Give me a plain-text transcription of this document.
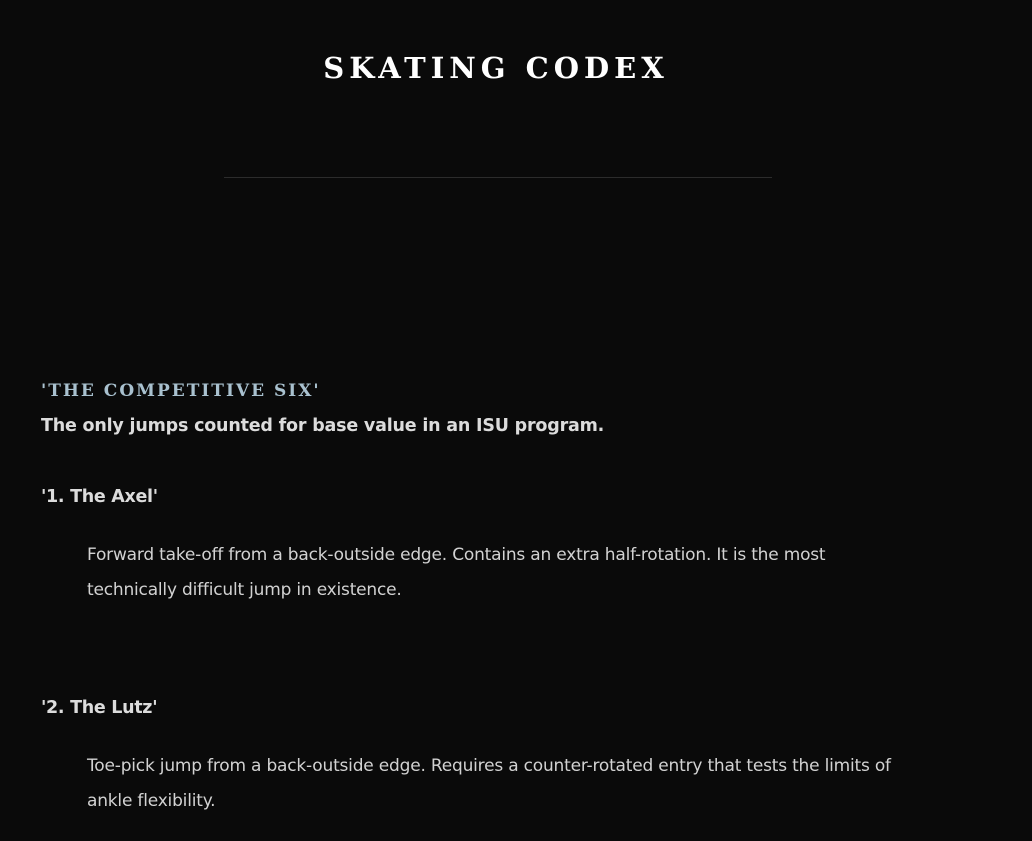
SKATING CODEX
'THE COMPETITIVE SIX'

The only jumps counted for base value in an ISU program.

'1. The Axel'

Forward take-off from a back-outside edge. Contains an extra half-rotation. It is the most technically difficult jump in existence.

'2. The Lutz'

Toe-pick jump from a back-outside edge. Requires a counter-rotated entry that tests the limits of ankle flexibility.
